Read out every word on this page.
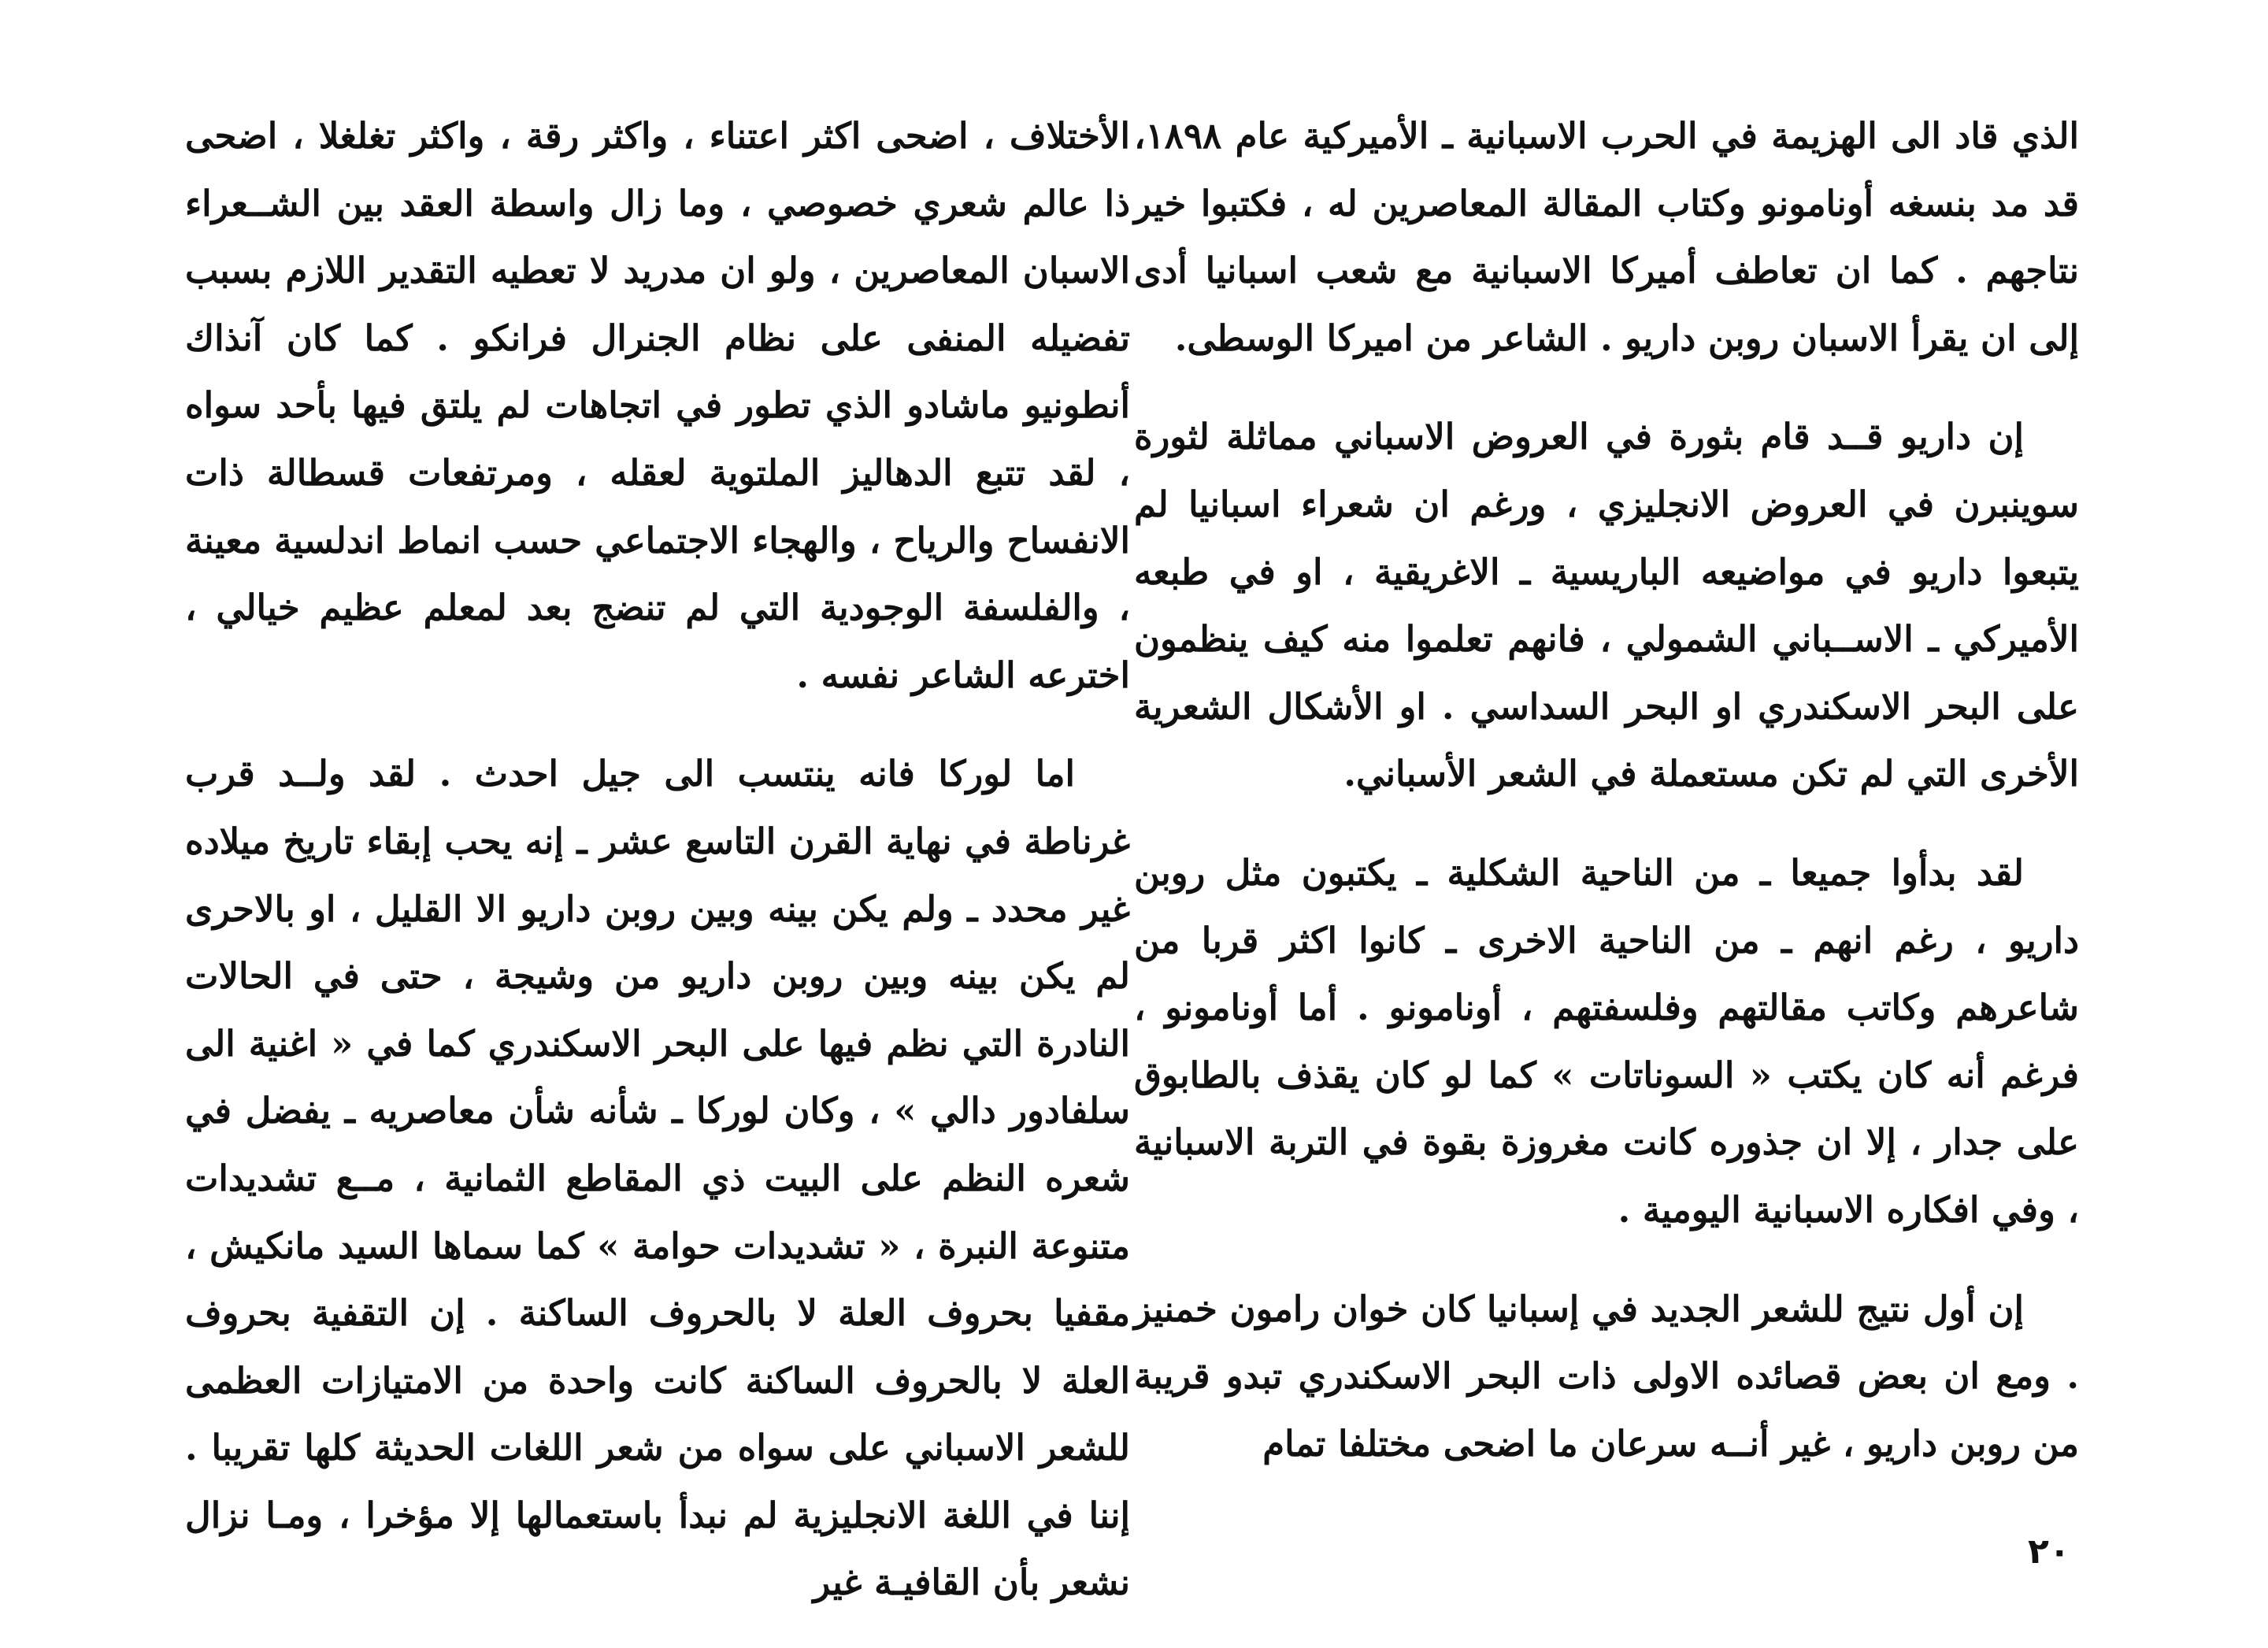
الذي قاد الى الهزيمة في الحرب الاسبانية ـ الأميركية عام ١٨٩٨، قد مد بنسغه أونامونو وكتاب المقالة المعاصرين له ، فكتبوا خير نتاجهم . كما ان تعاطف أميركا الاسبانية مع شعب اسبانيا أدى إلى ان يقرأ الاسبان روبن داريو . الشاعر من اميركا الوسطى.

إن داريو قــد قام بثورة في العروض الاسباني مماثلة لثورة سوينبرن في العروض الانجليزي ، ورغم ان شعراء اسبانيا لم يتبعوا داريو في مواضيعه الباريسية ـ الاغريقية ، او في طبعه الأميركي ـ الاســباني الشمولي ، فانهم تعلموا منه كيف ينظمون على البحر الاسكندري او البحر السداسي . او الأشكال الشعرية الأخرى التي لم تكن مستعملة في الشعر الأسباني.

لقد بدأوا جميعا ـ من الناحية الشكلية ـ يكتبون مثل روبن داريو ، رغم انهم ـ من الناحية الاخرى ـ كانوا اكثر قربا من شاعرهم وكاتب مقالتهم وفلسفتهم ، أونامونو . أما أونامونو ، فرغم أنه كان يكتب « السوناتات » كما لو كان يقذف بالطابوق على جدار ، إلا ان جذوره كانت مغروزة بقوة في التربة الاسبانية ، وفي افكاره الاسبانية اليومية .

إن أول نتيج للشعر الجديد في إسبانيا كان خوان رامون خمنيز . ومع ان بعض قصائده الاولى ذات البحر الاسكندري تبدو قريبة من روبن داريو ، غير أنــه سرعان ما اضحى مختلفا تمام

الأختلاف ، اضحى اكثر اعتناء ، واكثر رقة ، واكثر تغلغلا ، اضحى ذا عالم شعري خصوصي ، وما زال واسطة العقد بين الشــعراء الاسبان المعاصرين ، ولو ان مدريد لا تعطيه التقدير اللازم بسبب تفضيله المنفى على نظام الجنرال فرانكو . كما كان آنذاك أنطونيو ماشادو الذي تطور في اتجاهات لم يلتق فيها بأحد سواه ، لقد تتبع الدهاليز الملتوية لعقله ، ومرتفعات قسطالة ذات الانفساح والرياح ، والهجاء الاجتماعي حسب انماط اندلسية معينة ، والفلسفة الوجودية التي لم تنضج بعد لمعلم عظيم خيالي ، اخترعه الشاعر نفسه .

اما لوركا فانه ينتسب الى جيل احدث . لقد ولــد قرب غرناطة في نهاية القرن التاسع عشر ـ إنه يحب إبقاء تاريخ ميلاده غير محدد ـ ولم يكن بينه وبين روبن داريو الا القليل ، او بالاحرى لم يكن بينه وبين روبن داريو من وشيجة ، حتى في الحالات النادرة التي نظم فيها على البحر الاسكندري كما في « اغنية الى سلفادور دالي » ، وكان لوركا ـ شأنه شأن معاصريه ـ يفضل في شعره النظم على البيت ذي المقاطع الثمانية ، مــع تشديدات متنوعة النبرة ، « تشديدات حوامة » كما سماها السيد مانكيش ، مقفيا بحروف العلة لا بالحروف الساكنة . إن التقفية بحروف العلة لا بالحروف الساكنة كانت واحدة من الامتيازات العظمى للشعر الاسباني على سواه من شعر اللغات الحديثة كلها تقريبا . إننا في اللغة الانجليزية لم نبدأ باستعمالها إلا مؤخرا ، ومـا نزال نشعر بأن القافيـة غير

٢٠
